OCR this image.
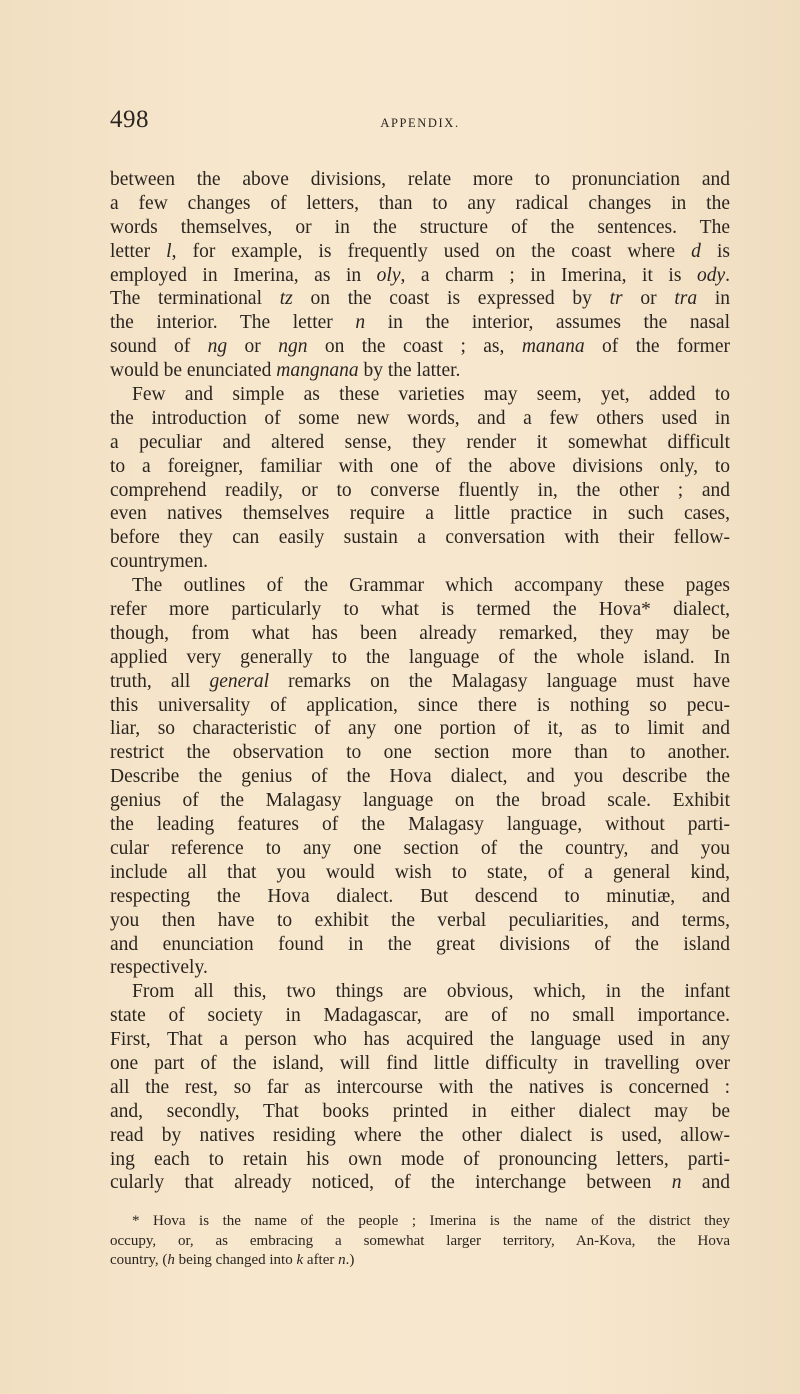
498	APPENDIX.
between the above divisions, relate more to pronunciation and
a few changes of letters, than to any radical changes in the
words themselves, or in the structure of the sentences. The
letter l, for example, is frequently used on the coast where d is
employed in Imerina, as in oly, a charm ; in Imerina, it is ody.
The terminational tz on the coast is expressed by tr or tra in
the interior. The letter n in the interior, assumes the nasal
sound of ng or ngn on the coast ; as, manana of the former
would be enunciated mangnana by the latter.
Few and simple as these varieties may seem, yet, added to
the introduction of some new words, and a few others used in
a peculiar and altered sense, they render it somewhat difficult
to a foreigner, familiar with one of the above divisions only, to
comprehend readily, or to converse fluently in, the other ; and
even natives themselves require a little practice in such cases,
before they can easily sustain a conversation with their fellow-
countrymen.
The outlines of the Grammar which accompany these pages
refer more particularly to what is termed the Hova* dialect,
though, from what has been already remarked, they may be
applied very generally to the language of the whole island. In
truth, all general remarks on the Malagasy language must have
this universality of application, since there is nothing so pecu-
liar, so characteristic of any one portion of it, as to limit and
restrict the observation to one section more than to another.
Describe the genius of the Hova dialect, and you describe the
genius of the Malagasy language on the broad scale. Exhibit
the leading features of the Malagasy language, without parti-
cular reference to any one section of the country, and you
include all that you would wish to state, of a general kind,
respecting the Hova dialect. But descend to minutiæ, and
you then have to exhibit the verbal peculiarities, and terms,
and enunciation found in the great divisions of the island
respectively.
From all this, two things are obvious, which, in the infant
state of society in Madagascar, are of no small importance.
First, That a person who has acquired the language used in any
one part of the island, will find little difficulty in travelling over
all the rest, so far as intercourse with the natives is concerned :
and, secondly, That books printed in either dialect may be
read by natives residing where the other dialect is used, allow-
ing each to retain his own mode of pronouncing letters, parti-
cularly that already noticed, of the interchange between n and
* Hova is the name of the people ; Imerina is the name of the district they
occupy, or, as embracing a somewhat larger territory, An-Kova, the Hova
country, (h being changed into k after n.)
